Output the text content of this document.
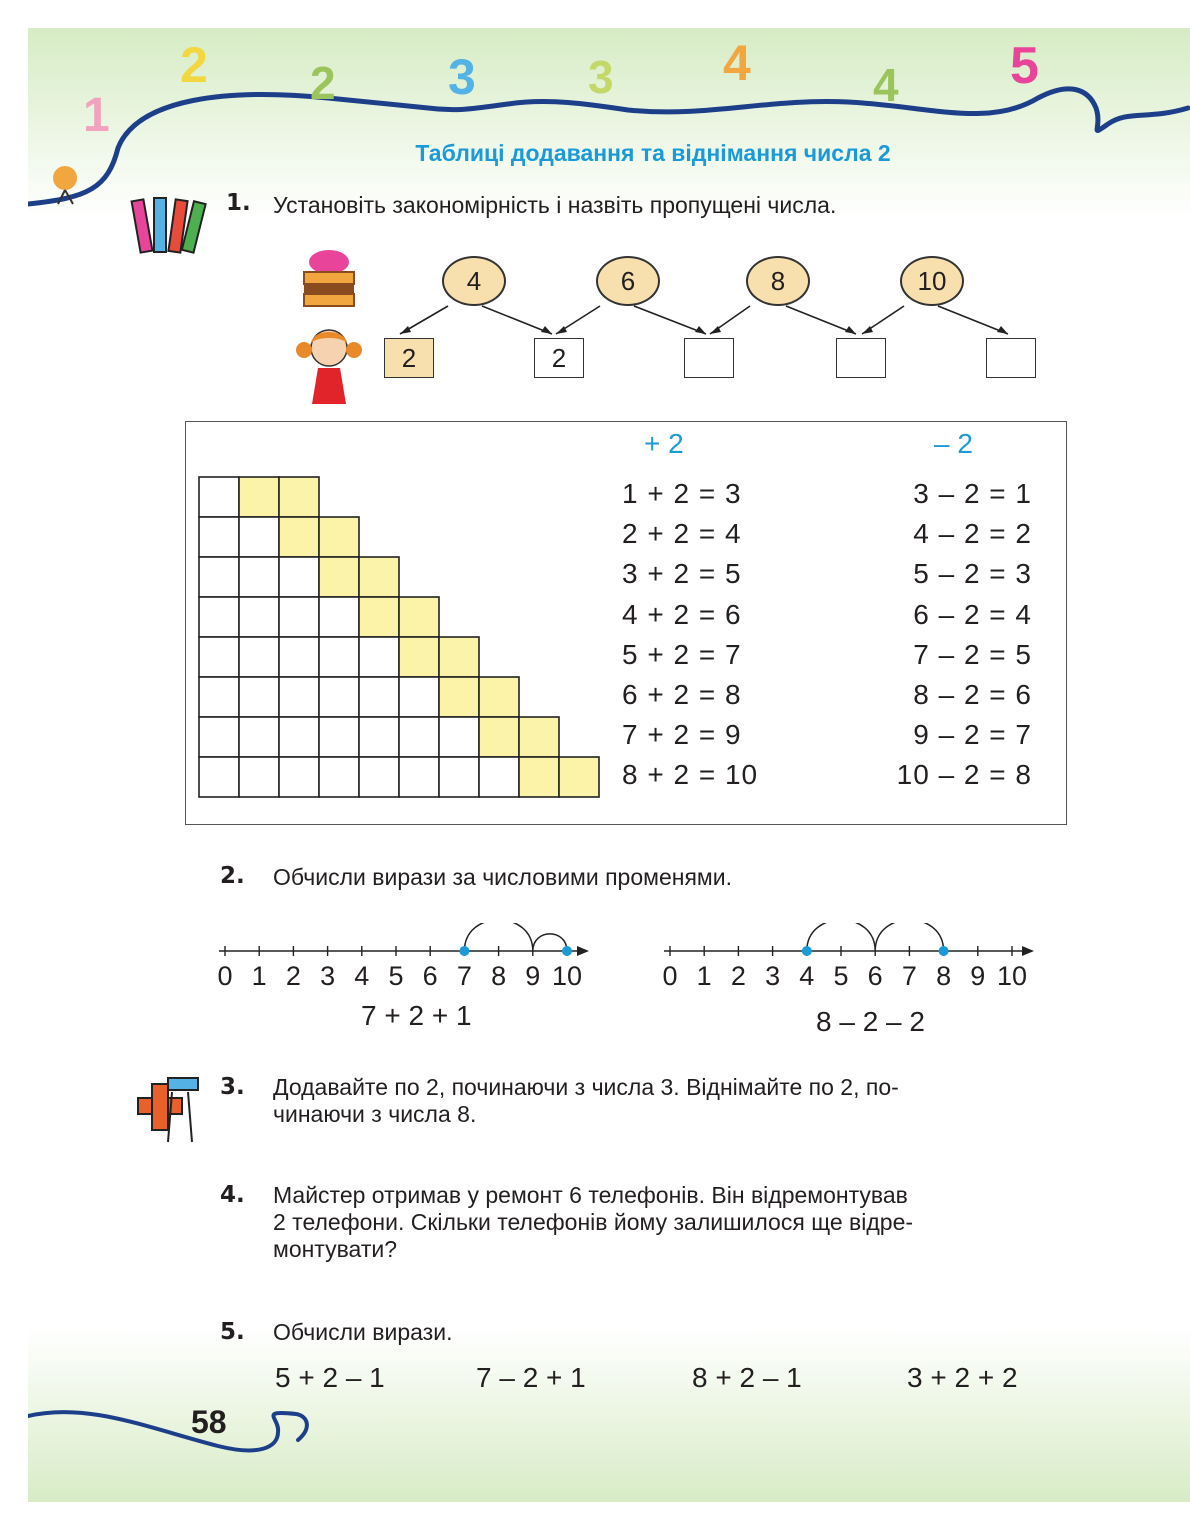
1
2 2 3 3 4	4 5
Таблиці додавання та віднімання числа 2
1. Установіть закономірність і назвіть пропущені числа.
4	6	8	10
2	2
+ 2	– 2
1 + 2 = 3
2 + 2 = 4
3 + 2 = 5
4 + 2 = 6
5 + 2 = 7
6 + 2 = 8
7 + 2 = 9
8 + 2 = 10
3 – 2 = 1
4 – 2 = 2
5 – 2 = 3
6 – 2 = 4
7 – 2 = 5
8 – 2 = 6
9 – 2 = 7
10 – 2 = 8
2. Обчисли вирази за числовими променями.
0 1 2 3 4 5 6 7 8 9 10	0 1 2 3 4 5 6 7 8 9 10
7 + 2 + 1	8 – 2 – 2
3. Додавайте по 2, починаючи з числа 3. Віднімайте по 2, по-
чинаючи з числа 8.
4. Майстер отримав у ремонт 6 телефонів. Він відремонтував
2 телефони. Скільки телефонів йому залишилося ще відре-
монтувати?
5. Обчисли вирази.
5 + 2 – 1	7 – 2 + 1	8 + 2 – 1	3 + 2 + 2
58
